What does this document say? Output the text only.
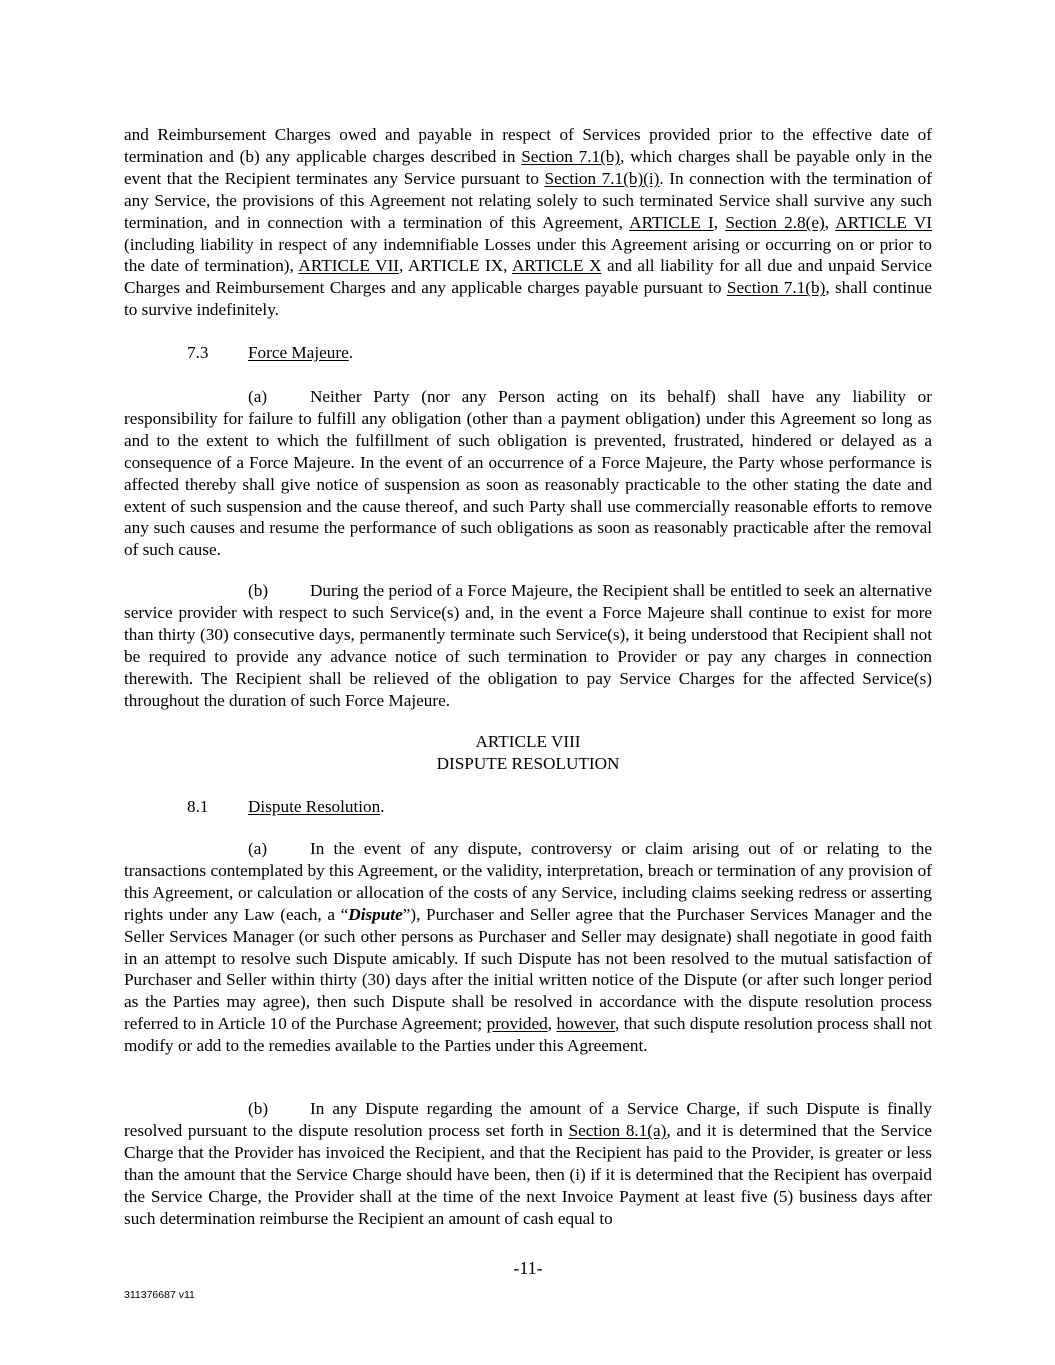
and Reimbursement Charges owed and payable in respect of Services provided prior to the effective date of termination and (b) any applicable charges described in Section 7.1(b), which charges shall be payable only in the event that the Recipient terminates any Service pursuant to Section 7.1(b)(i). In connection with the termination of any Service, the provisions of this Agreement not relating solely to such terminated Service shall survive any such termination, and in connection with a termination of this Agreement, ARTICLE I, Section 2.8(e), ARTICLE VI (including liability in respect of any indemnifiable Losses under this Agreement arising or occurring on or prior to the date of termination), ARTICLE VII, ARTICLE IX, ARTICLE X and all liability for all due and unpaid Service Charges and Reimbursement Charges and any applicable charges payable pursuant to Section 7.1(b), shall continue to survive indefinitely.

7.3 Force Majeure.

(a) Neither Party (nor any Person acting on its behalf) shall have any liability or responsibility for failure to fulfill any obligation (other than a payment obligation) under this Agreement so long as and to the extent to which the fulfillment of such obligation is prevented, frustrated, hindered or delayed as a consequence of a Force Majeure. In the event of an occurrence of a Force Majeure, the Party whose performance is affected thereby shall give notice of suspension as soon as reasonably practicable to the other stating the date and extent of such suspension and the cause thereof, and such Party shall use commercially reasonable efforts to remove any such causes and resume the performance of such obligations as soon as reasonably practicable after the removal of such cause.

(b) During the period of a Force Majeure, the Recipient shall be entitled to seek an alternative service provider with respect to such Service(s) and, in the event a Force Majeure shall continue to exist for more than thirty (30) consecutive days, permanently terminate such Service(s), it being understood that Recipient shall not be required to provide any advance notice of such termination to Provider or pay any charges in connection therewith. The Recipient shall be relieved of the obligation to pay Service Charges for the affected Service(s) throughout the duration of such Force Majeure.

ARTICLE VIII
DISPUTE RESOLUTION
8.1 Dispute Resolution.

(a) In the event of any dispute, controversy or claim arising out of or relating to the transactions contemplated by this Agreement, or the validity, interpretation, breach or termination of any provision of this Agreement, or calculation or allocation of the costs of any Service, including claims seeking redress or asserting rights under any Law (each, a “Dispute”), Purchaser and Seller agree that the Purchaser Services Manager and the Seller Services Manager (or such other persons as Purchaser and Seller may designate) shall negotiate in good faith in an attempt to resolve such Dispute amicably. If such Dispute has not been resolved to the mutual satisfaction of Purchaser and Seller within thirty (30) days after the initial written notice of the Dispute (or after such longer period as the Parties may agree), then such Dispute shall be resolved in accordance with the dispute resolution process referred to in Article 10 of the Purchase Agreement; provided, however, that such dispute resolution process shall not modify or add to the remedies available to the Parties under this Agreement.

(b) In any Dispute regarding the amount of a Service Charge, if such Dispute is finally resolved pursuant to the dispute resolution process set forth in Section 8.1(a), and it is determined that the Service Charge that the Provider has invoiced the Recipient, and that the Recipient has paid to the Provider, is greater or less than the amount that the Service Charge should have been, then (i) if it is determined that the Recipient has overpaid the Service Charge, the Provider shall at the time of the next Invoice Payment at least five (5) business days after such determination reimburse the Recipient an amount of cash equal to

-11-
311376687 v11
